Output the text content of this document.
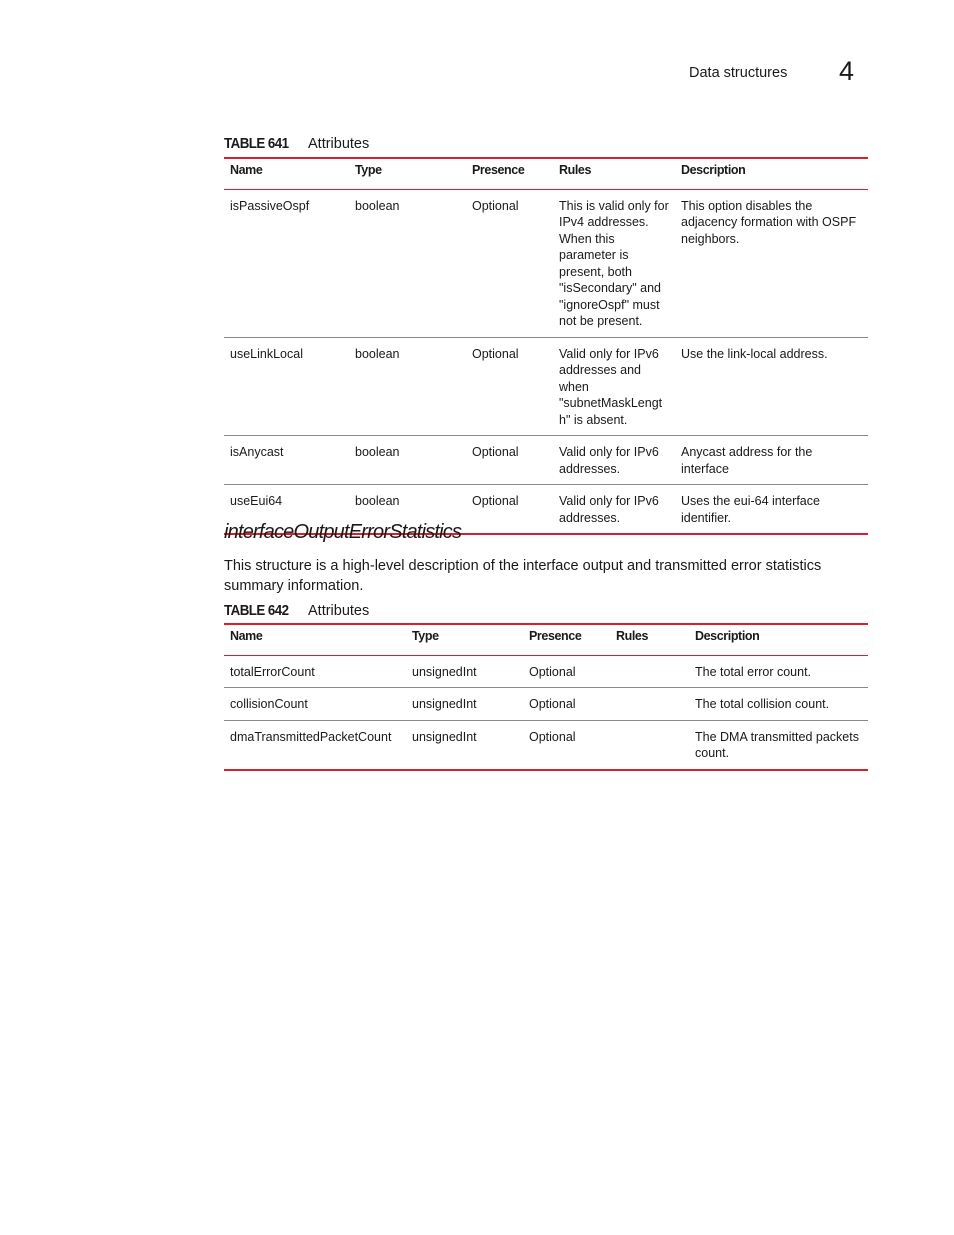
Data structures 4
TABLE 641 Attributes
Name	Type	Presence	Rules	Description
isPassiveOspf	boolean	Optional	This is valid only for IPv4 addresses. When this parameter is present, both "isSecondary" and "ignoreOspf" must not be present.	This option disables the adjacency formation with OSPF neighbors.
useLinkLocal	boolean	Optional	Valid only for IPv6 addresses and when "subnetMaskLength" is absent.	Use the link-local address.
isAnycast	boolean	Optional	Valid only for IPv6 addresses.	Anycast address for the interface
useEui64	boolean	Optional	Valid only for IPv6 addresses.	Uses the eui-64 interface identifier.
interfaceOutputErrorStatistics
This structure is a high-level description of the interface output and transmitted error statistics summary information.
TABLE 642 Attributes
Name	Type	Presence	Rules	Description
totalErrorCount	unsignedInt	Optional		The total error count.
collisionCount	unsignedInt	Optional		The total collision count.
dmaTransmittedPacketCount	unsignedInt	Optional		The DMA transmitted packets count.
